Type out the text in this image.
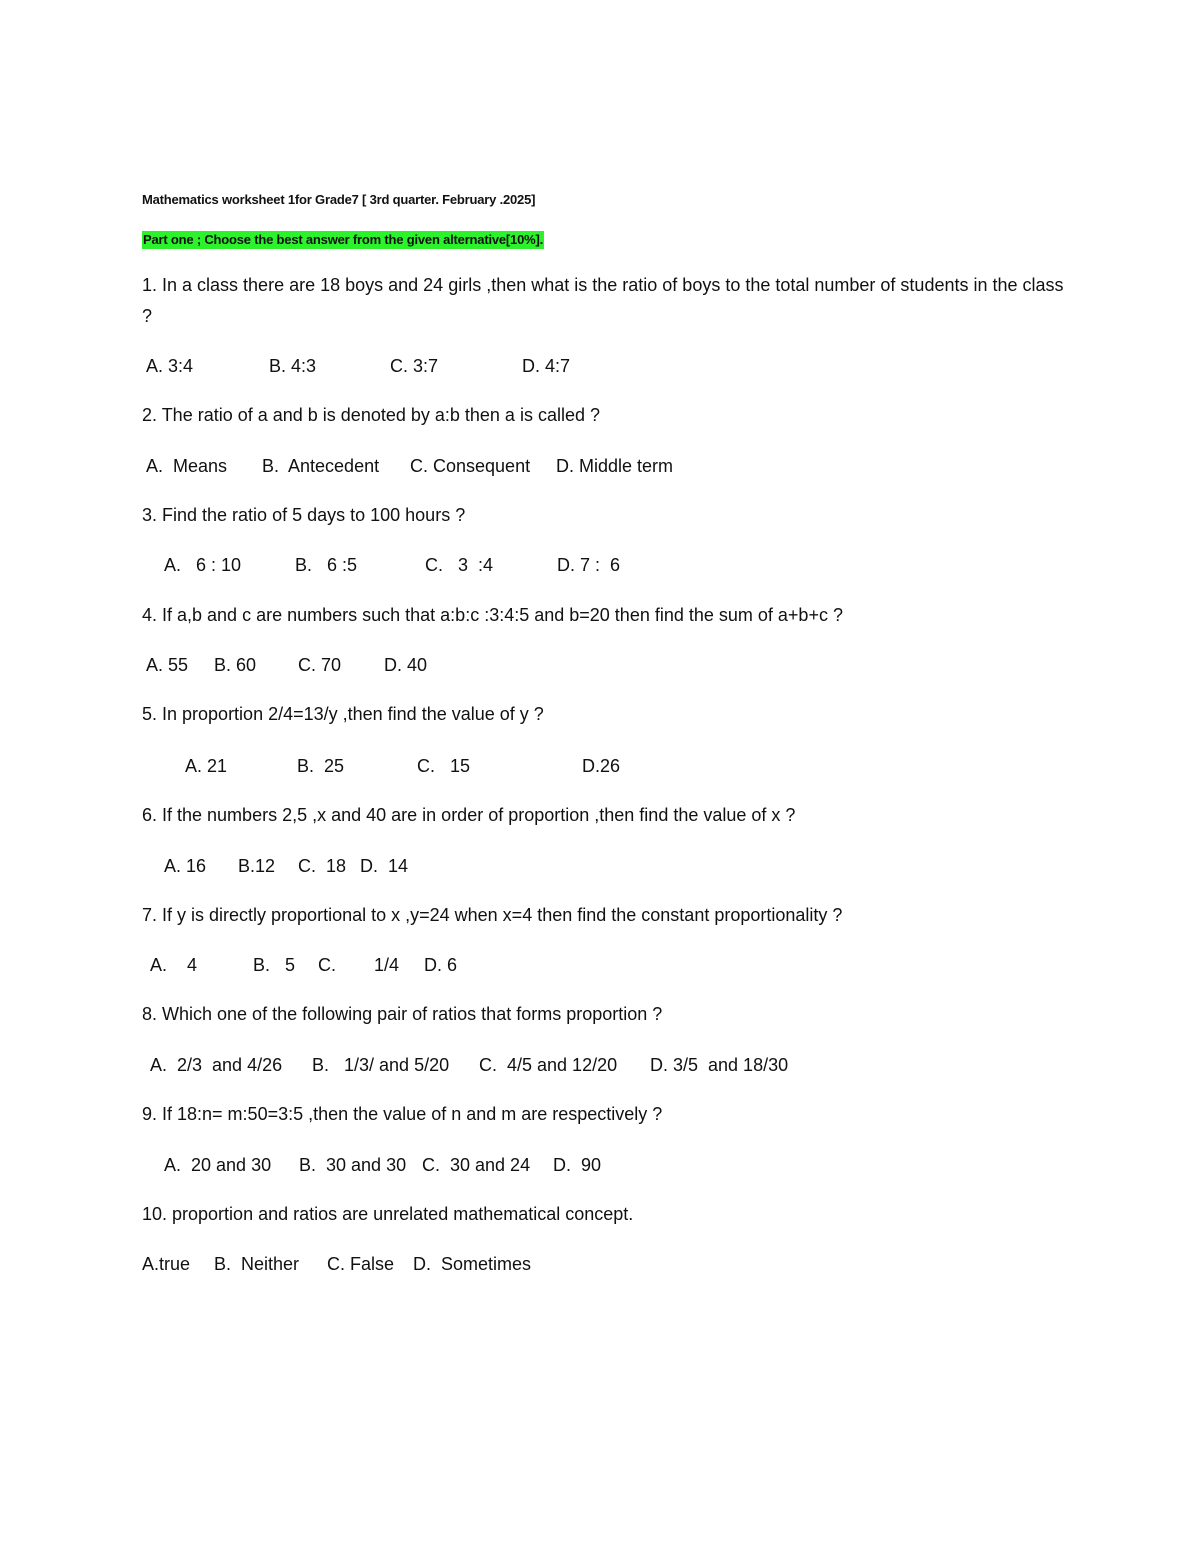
Mathematics worksheet 1for Grade7 [ 3rd quarter. February .2025]
Part one ; Choose the best answer from the given alternative[10%].
1. In a class there are 18 boys and 24 girls ,then what is the ratio of boys to the total number of students in the class ?
A. 3:4	B. 4:3	C. 3:7	D. 4:7
2. The ratio of a and b is denoted by a:b then a is called ?
A.  Means B.  Antecedent C. Consequent D. Middle term
3. Find the ratio of 5 days to 100 hours ?
A.   6 : 10	B.   6 :5	C.   3  :4	D. 7 :  6
4. If a,b and c are numbers such that a:b:c :3:4:5 and b=20 then find the sum of a+b+c ?
A. 55 B. 60 C. 70 D. 40
5. In proportion 2/4=13/y ,then find the value of y ?
A. 21	B.  25	C.   15	D.26
6. If the numbers 2,5 ,x and 40 are in order of proportion ,then find the value of x ?
A. 16 B.12 C.  18 D.  14
7. If y is directly proportional to x ,y=24 when x=4 then find the constant proportionality ?
A.    4	B.   5 C. 1/4 D. 6
8. Which one of the following pair of ratios that forms proportion ?
A.  2/3  and 4/26 B.   1/3/ and 5/20 C.  4/5 and 12/20 D. 3/5  and 18/30
9. If 18:n= m:50=3:5 ,then the value of n and m are respectively ?
A.  20 and 30 B.  30 and 30 C.  30 and 24 D.  90
10. proportion and ratios are unrelated mathematical concept.
A.true B.  Neither C. False D.  Sometimes
